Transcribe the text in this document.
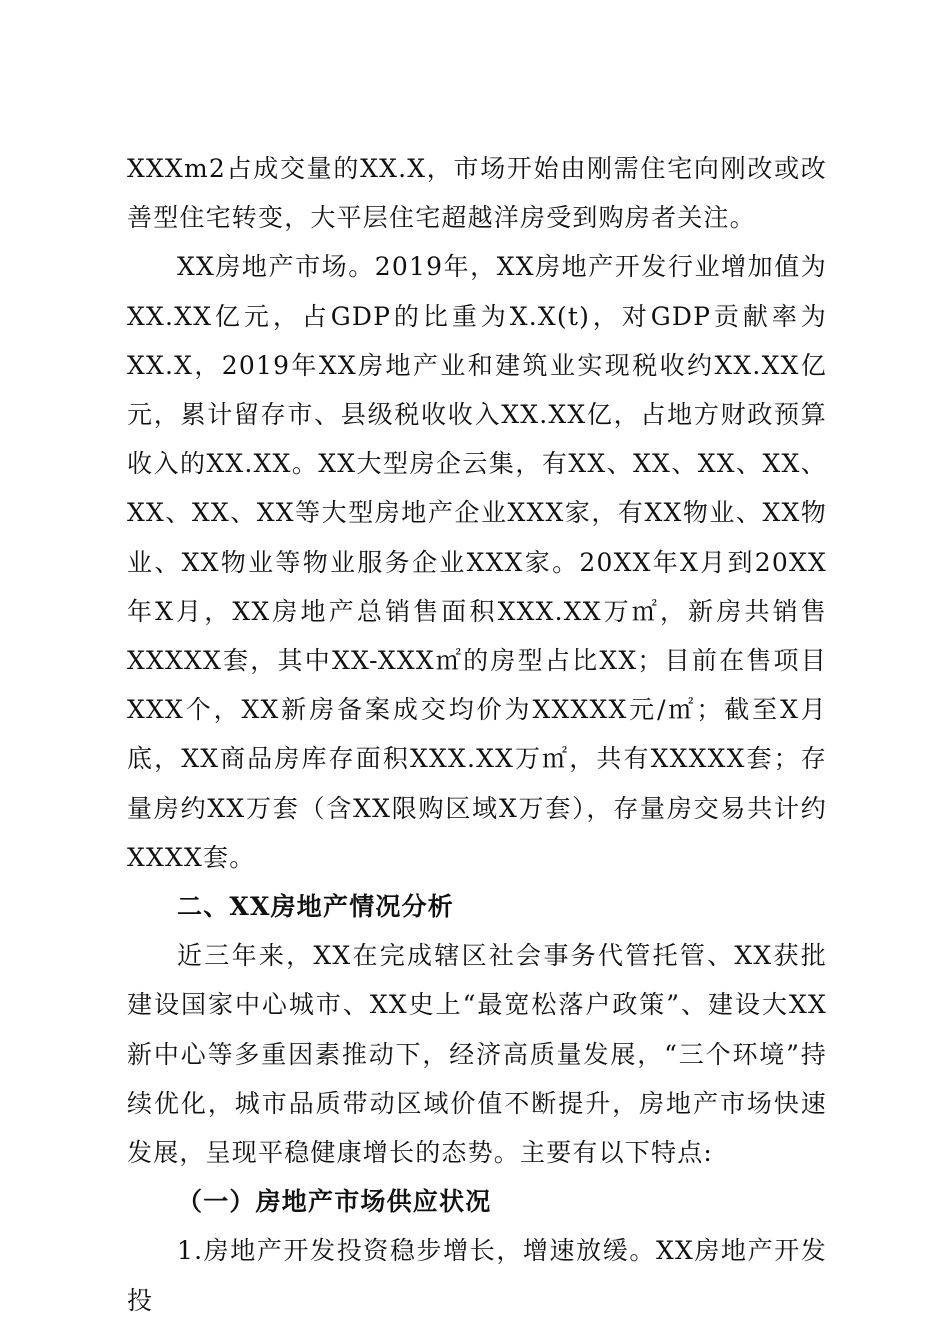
XXXm2占成交量的XX.X，市场开始由刚需住宅向刚改或改善型住宅转变，大平层住宅超越洋房受到购房者关注。

XX房地产市场。2019年，XX房地产开发行业增加值为XX.XX亿元，占GDP的比重为X.X(t)，对GDP贡献率为XX.X，2019年XX房地产业和建筑业实现税收约XX.XX亿元，累计留存市、县级税收收入XX.XX亿，占地方财政预算收入的XX.XX。XX大型房企云集，有XX、XX、XX、XX、XX、XX、XX等大型房地产企业XXX家，有XX物业、XX物业、XX物业等物业服务企业XXX家。20XX年X月到20XX年X月，XX房地产总销售面积XXX.XX万㎡，新房共销售XXXXX套，其中XX-XXX㎡的房型占比XX；目前在售项目XXX个，XX新房备案成交均价为XXXXX元/㎡；截至X月底，XX商品房库存面积XXX.XX万㎡，共有XXXXX套；存量房约XX万套（含XX限购区域X万套），存量房交易共计约XXXX套。

二、XX房地产情况分析

近三年来，XX在完成辖区社会事务代管托管、XX获批建设国家中心城市、XX史上“最宽松落户政策”、建设大XX新中心等多重因素推动下，经济高质量发展，“三个环境”持续优化，城市品质带动区域价值不断提升，房地产市场快速发展，呈现平稳健康增长的态势。主要有以下特点:

（一）房地产市场供应状况

1.房地产开发投资稳步增长，增速放缓。XX房地产开发投
